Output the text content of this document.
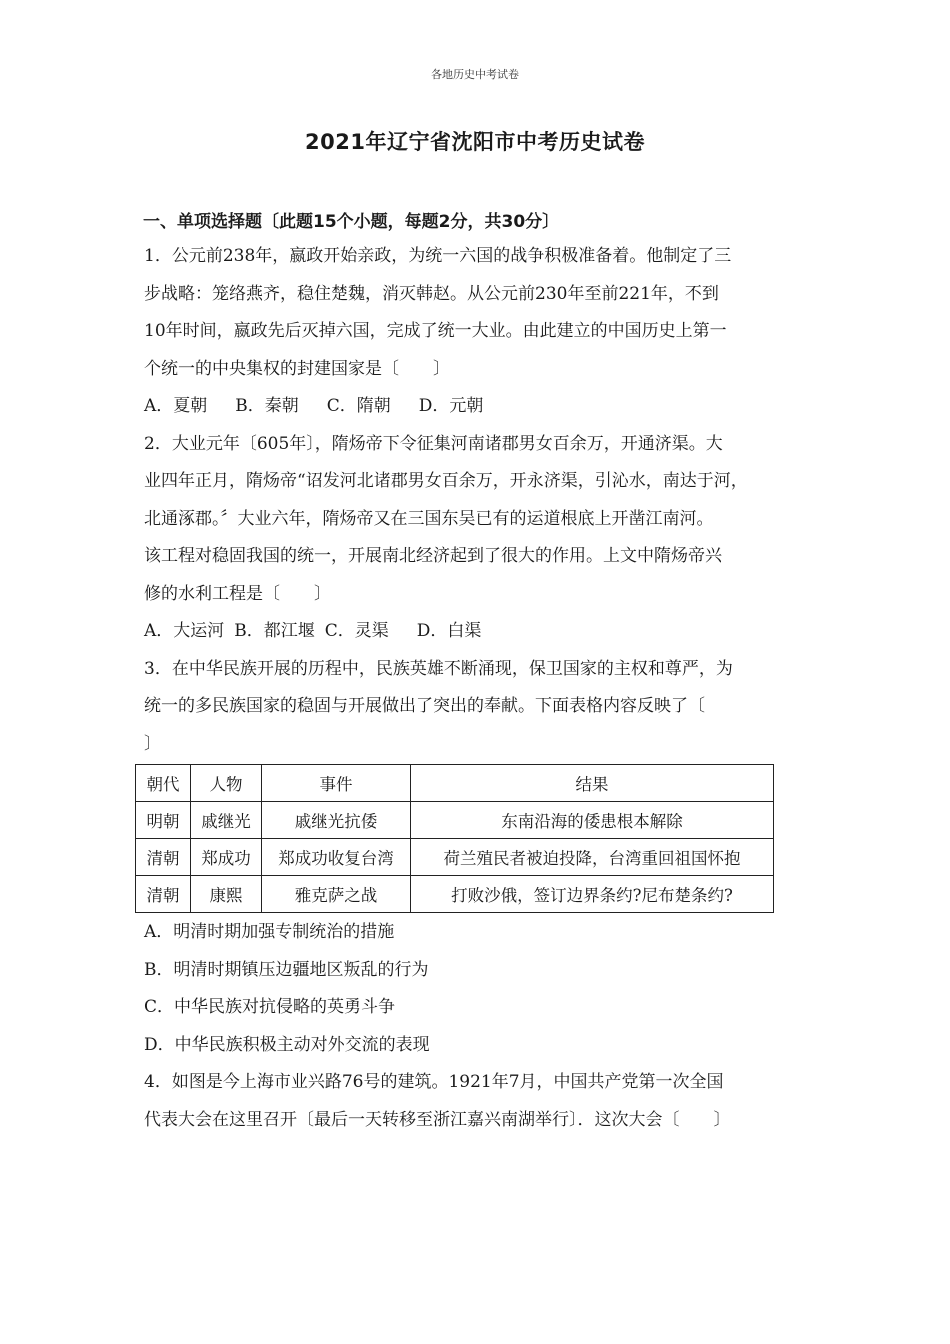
各地历史中考试卷
2021年辽宁省沈阳市中考历史试卷
一、单项选择题〔此题15个小题，每题2分，共30分〕
1．公元前238年，嬴政开始亲政，为统一六国的战争积极准备着。他制定了三
步战略：笼络燕齐，稳住楚魏，消灭韩赵。从公元前230年至前221年，不到
10年时间，嬴政先后灭掉六国，完成了统一大业。由此建立的中国历史上第一
个统一的中央集权的封建国家是〔　　〕
A．夏朝 B．秦朝 C．隋朝 D．元朝
2．大业元年〔605年〕，隋炀帝下令征集河南诸郡男女百余万，开通济渠。大
业四年正月，隋炀帝“诏发河北诸郡男女百余万，开永济渠，引沁水，南达于河，
北通涿郡。〞大业六年，隋炀帝又在三国东吴已有的运道根底上开凿江南河。
该工程对稳固我国的统一，开展南北经济起到了很大的作用。上文中隋炀帝兴
修的水利工程是〔　　〕
A．大运河 B．都江堰 C．灵渠 D．白渠
3．在中华民族开展的历程中，民族英雄不断涌现，保卫国家的主权和尊严，为
统一的多民族国家的稳固与开展做出了突出的奉献。下面表格内容反映了〔
〕
朝代	人物	事件	结果
明朝	戚继光	戚继光抗倭	东南沿海的倭患根本解除
清朝	郑成功	郑成功收复台湾	荷兰殖民者被迫投降，台湾重回祖国怀抱
清朝	康熙	雅克萨之战	打败沙俄，签订边界条约?尼布楚条约?
A．明清时期加强专制统治的措施
B．明清时期镇压边疆地区叛乱的行为
C．中华民族对抗侵略的英勇斗争
D．中华民族积极主动对外交流的表现
4．如图是今上海市业兴路76号的建筑。1921年7月，中国共产党第一次全国
代表大会在这里召开〔最后一天转移至浙江嘉兴南湖举行〕．这次大会〔　　〕
